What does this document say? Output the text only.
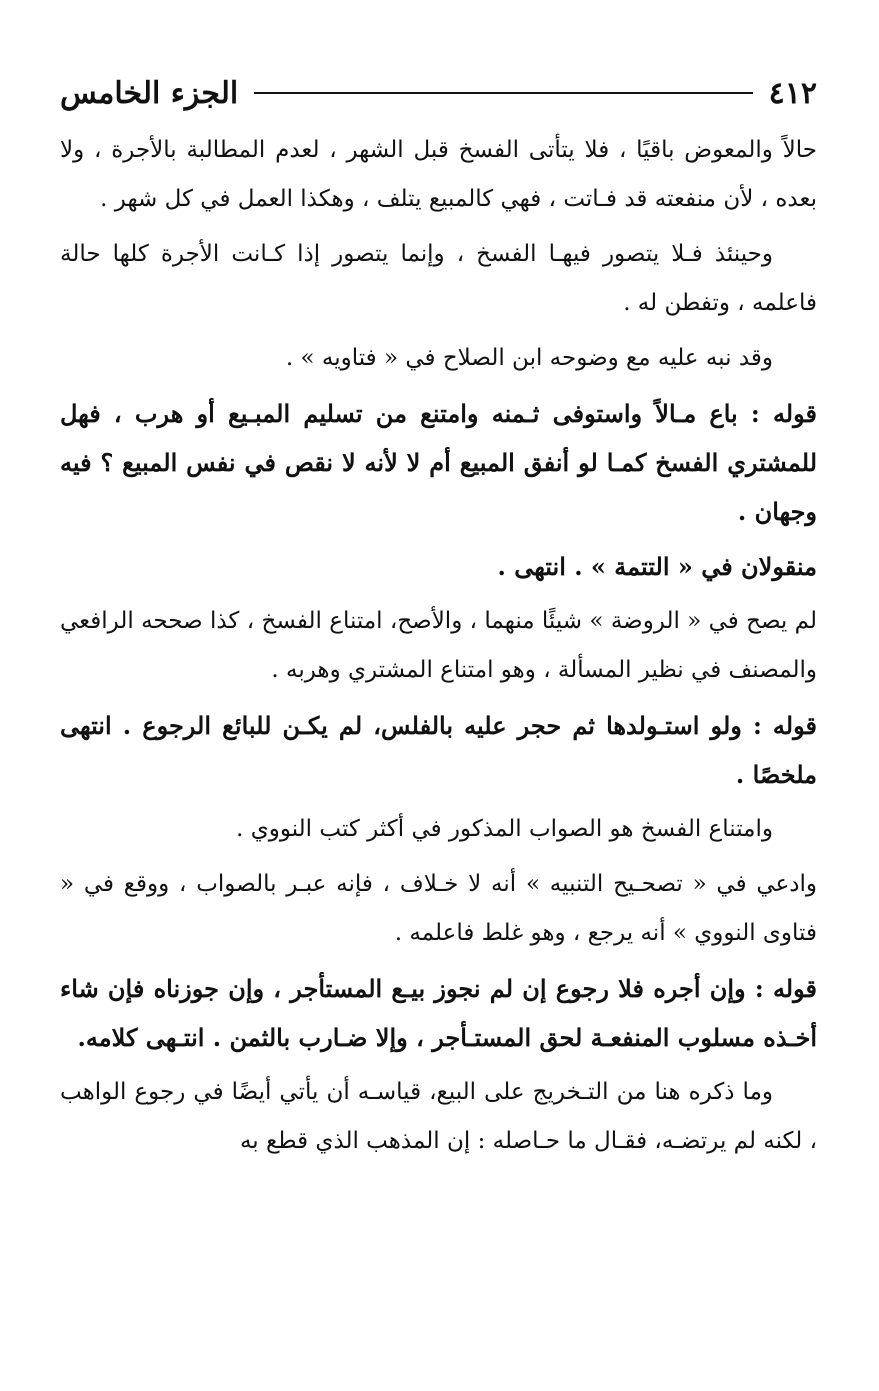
٤١٢
الجزء الخامس

حالاً والمعوض باقيًا ، فلا يتأتى الفسخ قبل الشهر ، لعدم المطالبة بالأجرة ، ولا بعده ، لأن منفعته قد فـاتت ، فهي كالمبيع يتلف ، وهكذا العمل في كل شهر .

وحينئذ فـلا يتصور فيهـا الفسخ ، وإنما يتصور إذا كـانت الأجرة كلها حالة فاعلمه ، وتفطن له .

وقد نبه عليه مع وضوحه ابن الصلاح في « فتاويه » .

قوله : باع مـالاً واستوفى ثـمنه وامتنع من تسليم المبـيع أو هرب ، فهل للمشتري الفسخ كمـا لو أنفق المبيع أم لا لأنه لا نقص في نفس المبيع ؟ فيه وجهان .

منقولان في « التتمة » . انتهى .

لم يصح في « الروضة » شيئًا منهما ، والأصح، امتناع الفسخ ، كذا صححه الرافعي والمصنف في نظير المسألة ، وهو امتناع المشتري وهربه .

قوله : ولو استـولدها ثم حجر عليه بالفلس، لم يكـن للبائع الرجوع . انتهى ملخصًا .

وامتناع الفسخ هو الصواب المذكور في أكثر كتب النووي .

وادعي في « تصحـيح التنبيه » أنه لا خـلاف ، فإنه عبـر بالصواب ، ووقع في « فتاوى النووي » أنه يرجع ، وهو غلط فاعلمه .

قوله : وإن أجره فلا رجوع إن لم نجوز بيـع المستأجر ، وإن جوزناه فإن شاء أخـذه مسلوب المنفعـة لحق المستـأجر ، وإلا ضـارب بالثمن . انتـهى كلامه.

وما ذكره هنا من التـخريج على البيع، قياسـه أن يأتي أيضًا في رجوع الواهب ، لكنه لم يرتضـه، فقـال ما حـاصله : إن المذهب الذي قطع به
